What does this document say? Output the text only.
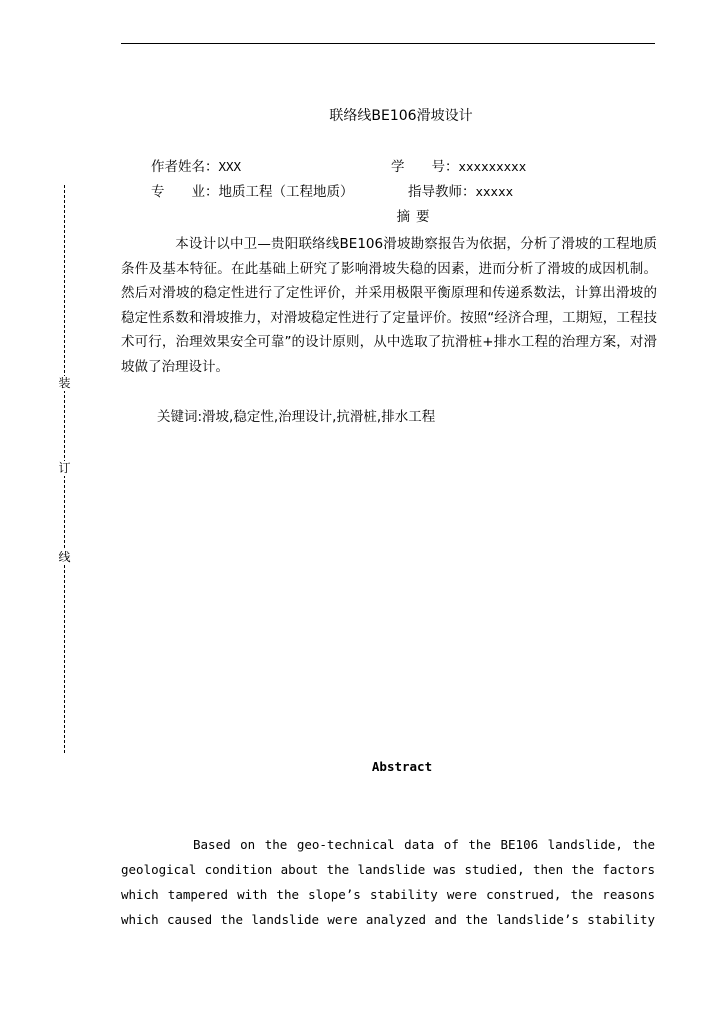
装
订
线
联络线BE106滑坡设计
作者姓名：XXX	学　　号：xxxxxxxxx
专　　业：地质工程（工程地质）	指导教师：xxxxx
摘要
本设计以中卫—贵阳联络线BE106滑坡勘察报告为依据，分析了滑坡的工程地质条件及基本特征。在此基础上研究了影响滑坡失稳的因素，进而分析了滑坡的成因机制。然后对滑坡的稳定性进行了定性评价，并采用极限平衡原理和传递系数法，计算出滑坡的稳定性系数和滑坡推力，对滑坡稳定性进行了定量评价。按照“经济合理，工期短，工程技术可行，治理效果安全可靠”的设计原则，从中选取了抗滑桩+排水工程的治理方案，对滑坡做了治理设计。
关键词:滑坡,稳定性,治理设计,抗滑桩,排水工程
Abstract
Based on the geo-technical data of the BE106 landslide, the geological condition about the landslide was studied, then the factors which tampered with the slope’s stability were construed, the reasons which caused the landslide were analyzed and the landslide’s stability
